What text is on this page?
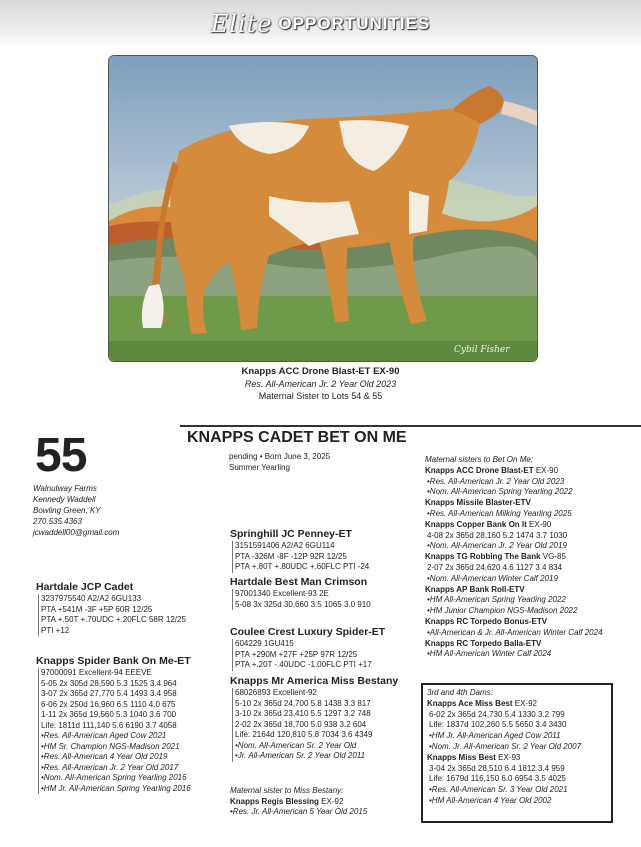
Elite OPPORTUNITIES
Cybil Fisher
Knapps ACC Drone Blast-ET EX-90
Res. All-American Jr. 2 Year Old 2023
Maternal Sister to Lots 54 & 55
55	KNAPPS CADET BET ON ME
pending • Born June 3, 2025
Summer Yearling
Walnutway Farms
Kennedy Waddell
Bowling Green, KY
270.535.4363
jcwaddell00@gmail.com
Hartdale JCP Cadet
3237975540 A2/A2 6GU133
PTA +541M -3F +5P 60R 12/25
PTA +.50T +.70UDC +.20FLC 58R 12/25
PTI +12
Knapps Spider Bank On Me-ET
97000091 Excellent-94 EEEVE
5-05 2x 305d 28,590 5.3 1525 3.4 964
3-07 2x 365d 27,770 5.4 1493 3.4 958
6-06 2x 250d 16,960 6.5 1110 4.0 675
1-11 2x 365d 19,560 5.3 1040 3.6 700
Life: 1811d 111,140 5.6 6190 3.7 4058
•Res. All-American Aged Cow 2021
•HM Sr. Champion NGS-Madison 2021
•Res. All-American 4 Year Old 2019
•Res. All-American Jr. 2 Year Old 2017
•Nom. All-American Spring Yearling 2016
•HM Jr. All-American Spring Yearling 2016
Springhill JC Penney-ET
3151591406 A2/A2 6GU114
PTA -326M -8F -12P 92R 12/25
PTA +.80T +.80UDC +.60FLC PTI -24
Hartdale Best Man Crimson
97001340 Excellent-93 2E
5-08 3x 325d 30,660 3.5 1065 3.0 910
Coulee Crest Luxury Spider-ET
604229 1GU415
PTA +290M +27F +25P 97R 12/25
PTA +.20T -.40UDC -1.00FLC PTI +17
Knapps Mr America Miss Bestany
68026893 Excellent-92
5-10 2x 365d 24,700 5.8 1438 3.3 817
3-10 2x 365d 23,410 5.5 1297 3.2 748
2-02 2x 365d 18,700 5.0 938 3.2 604
Life: 2164d 120,810 5.8 7034 3.6 4349
•Nom. All-American Sr. 2 Year Old
•Jr. All-American Sr. 2 Year Old 2011
Maternal sister to Miss Bestany:
Knapps Regis Blessing EX-92
•Res. Jr. All-American 5 Year Old 2015
Maternal sisters to Bet On Me:
Knapps ACC Drone Blast-ET EX-90
•Res. All-American Jr. 2 Year Old 2023
•Nom. All-American Spring Yearling 2022
Knapps Missile Blaster-ETV
•Res. All-American Milking Yearling 2025
Knapps Copper Bank On It EX-90
4-08 2x 365d 28,160 5.2 1474 3.7 1030
•Nom. All-American Jr. 2 Year Old 2019
Knapps TG Robbing The Bank VG-85
2-07 2x 365d 24,620 4.6 1127 3.4 834
•Nom. All-American Winter Calf 2019
Knapps AP Bank Roll-ETV
•HM All-American Spring Yearling 2022
•HM Junior Champion NGS-Madison 2022
Knapps RC Torpedo Bonus-ETV
•All-American & Jr. All-American Winter Calf 2024
Knapps RC Torpedo Balla-ETV
•HM All-American Winter Calf 2024
3rd and 4th Dams:
Knapps Ace Miss Best EX-92
6-02 2x 365d 24,730 5.4 1330 3.2 799
Life: 1837d 102,260 5.5 5650 3.4 3430
•HM Jr. All-American Aged Cow 2011
•Nom. Jr. All-American Sr. 2 Year Old 2007
Knapps Miss Best EX-93
3-04 2x 365d 28,510 6.4 1812 3.4 959
Life: 1679d 116,150 6.0 6954 3.5 4025
•Res. All-American Sr. 3 Year Old 2021
•HM All-American 4 Year Old 2002
